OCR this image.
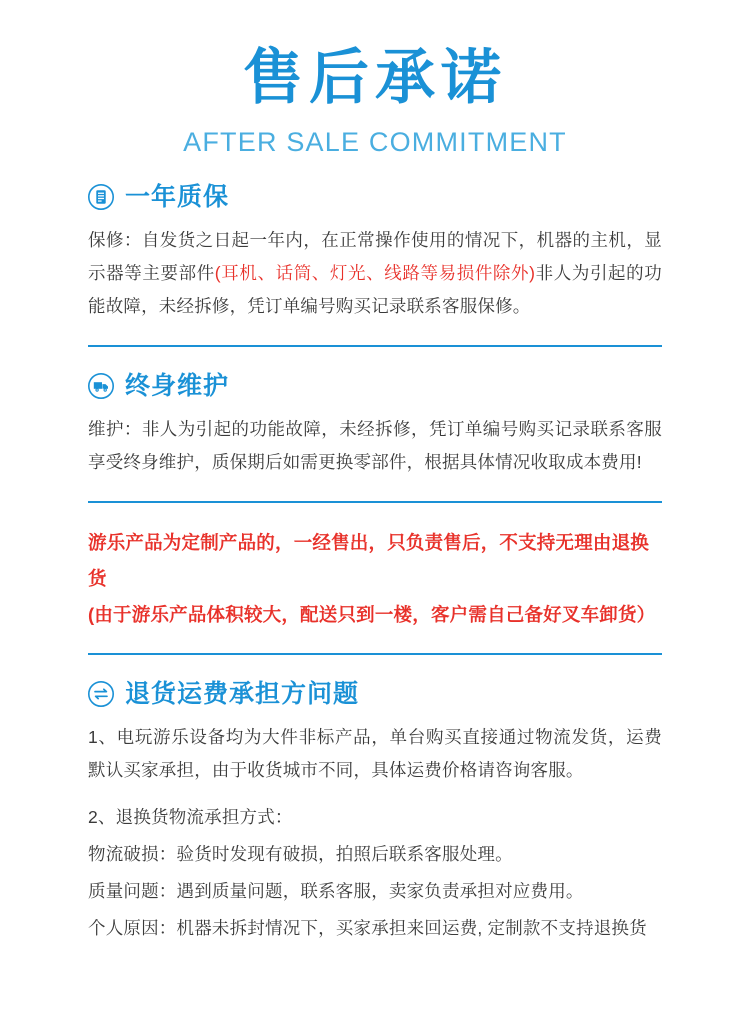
售后承诺
AFTER SALE COMMITMENT
一年质保

保修：自发货之日起一年内，在正常操作使用的情况下，机器的主机，显示器等主要部件(耳机、话筒、灯光、线路等易损件除外)非人为引起的功能故障，未经拆修，凭订单编号购买记录联系客服保修。

终身维护

维护：非人为引起的功能故障，未经拆修，凭订单编号购买记录联系客服享受终身维护，质保期后如需更换零部件，根据具体情况收取成本费用!

游乐产品为定制产品的，一经售出，只负责售后，不支持无理由退换货

(由于游乐产品体积较大，配送只到一楼，客户需自己备好叉车卸货）

退货运费承担方问题

1、电玩游乐设备均为大件非标产品，单台购买直接通过物流发货，运费默认买家承担，由于收货城市不同，具体运费价格请咨询客服。

2、退换货物流承担方式：

物流破损：验货时发现有破损，拍照后联系客服处理。

质量问题：遇到质量问题，联系客服，卖家负责承担对应费用。

个人原因：机器未拆封情况下，买家承担来回运费, 定制款不支持退换货
